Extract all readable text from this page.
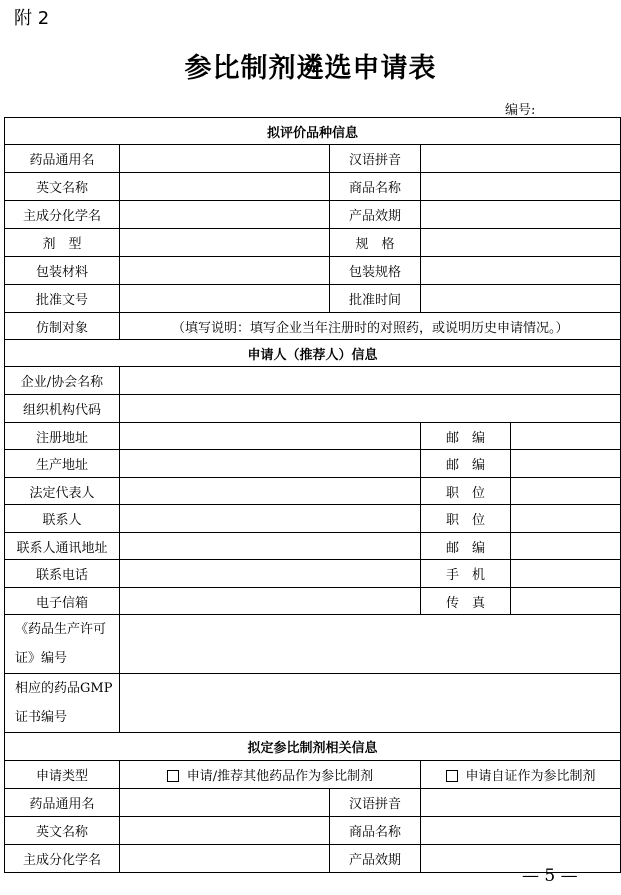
附 2
参比制剂遴选申请表
编号:
拟评价品种信息				
药品通用名		汉语拼音		
英文名称		商品名称		
主成分化学名		产品效期		
剂　型		规　格		
包装材料		包装规格		
批准文号		批准时间		
仿制对象	（填写说明：填写企业当年注册时的对照药，或说明历史申请情况。）			
申请人（推荐人）信息				
企业/协会名称				
组织机构代码				
注册地址			邮　编	
生产地址			邮　编	
法定代表人			职　位	
联系人			职　位	
联系人通讯地址			邮　编	
联系电话			手　机	
电子信箱			传　真	
《药品生产许可证》编号				
相应的药品GMP证书编号				
拟定参比制剂相关信息				
申请类型	申请/推荐其他药品作为参比制剂		申请自证作为参比制剂	
药品通用名		汉语拼音		
英文名称		商品名称		
主成分化学名		产品效期		
— 5 —
